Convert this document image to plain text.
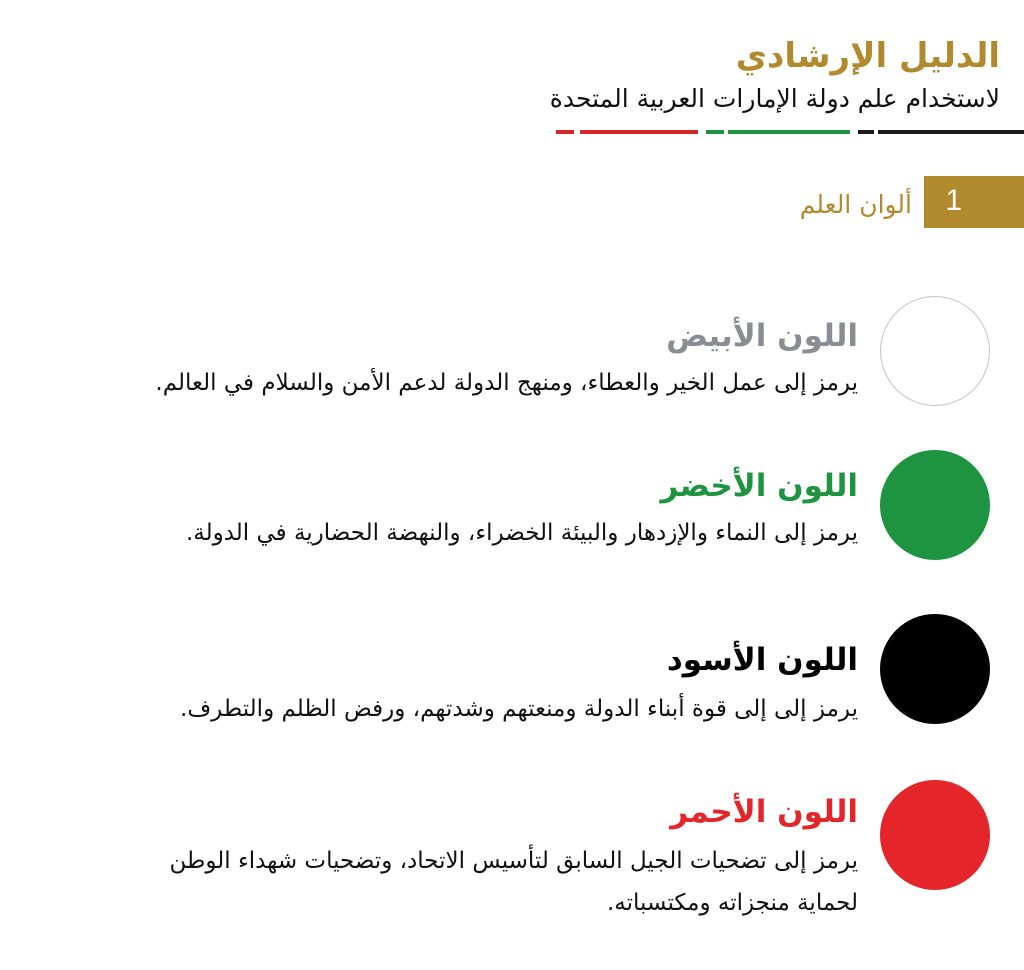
الدليل الإرشادي
لاستخدام علم دولة الإمارات العربية المتحدة
1
ألوان العلم
اللون الأبيض
يرمز إلى عمل الخير والعطاء، ومنهج الدولة لدعم الأمن والسلام في العالم.
اللون الأخضر
يرمز إلى النماء والإزدهار والبيئة الخضراء، والنهضة الحضارية في الدولة.
اللون الأسود
يرمز إلى إلى قوة أبناء الدولة ومنعتهم وشدتهم، ورفض الظلم والتطرف.
اللون الأحمر
يرمز إلى تضحيات الجيل السابق لتأسيس الاتحاد، وتضحيات شهداء الوطن لحماية منجزاته ومكتسباته.
